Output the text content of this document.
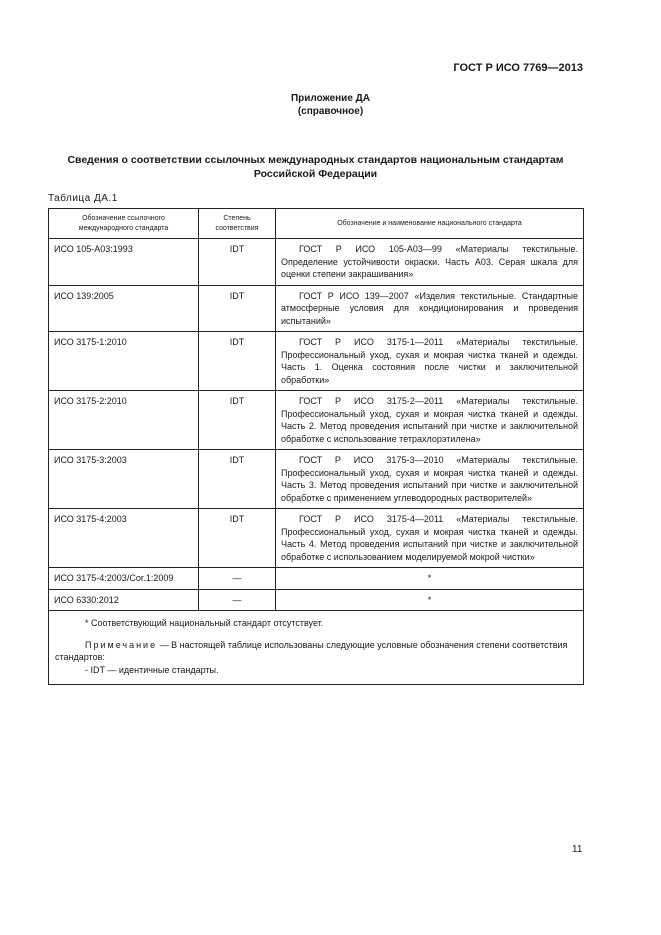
ГОСТ Р ИСО 7769—2013
Приложение ДА
(справочное)
Сведения о соответствии ссылочных международных стандартов национальным стандартам Российской Федерации
Таблица ДА.1
Обозначение ссылочного международного стандарта	Степень соответствия	Обозначение и наименование национального стандарта
ИСО 105-А03:1993	IDT	ГОСТ Р ИСО 105-А03—99 «Материалы текстильные. Определение устойчивости окраски. Часть А03. Серая шкала для оценки степени закрашивания»

ИСО 139:2005	IDT	ГОСТ Р ИСО 139—2007 «Изделия текстильные. Стандартные атмосферные условия для кондиционирования и проведения испытаний»

ИСО 3175-1:2010	IDT	ГОСТ Р ИСО 3175-1—2011 «Материалы текстильные. Профессиональный уход, сухая и мокрая чистка тканей и одежды. Часть 1. Оценка состояния после чистки и заключительной обработки»

ИСО 3175-2:2010	IDT	ГОСТ Р ИСО 3175-2—2011 «Материалы текстильные. Профессиональный уход, сухая и мокрая чистка тканей и одежды. Часть 2. Метод проведения испытаний при чистке и заключительной обработке с использование тетрахлорэтилена»

ИСО 3175-3:2003	IDT	ГОСТ Р ИСО 3175-3—2010 «Материалы текстильные. Профессиональный уход, сухая и мокрая чистка тканей и одежды. Часть 3. Метод проведения испытаний при чистке и заключительной обработке с применением углеводородных растворителей»

ИСО 3175-4:2003	IDT	ГОСТ Р ИСО 3175-4—2011 «Материалы текстильные. Профессиональный уход, сухая и мокрая чистка тканей и одежды. Часть 4. Метод проведения испытаний при чистке и заключительной обработке с использованием моделируемой мокрой чистки»

ИСО 3175-4:2003/Cor.1:2009	—	*
ИСО 6330:2012	—	*

* Соответствующий национальный стандарт отсутствует.

Примечание — В настоящей таблице использованы следующие условные обозначения степени соответствия стандартов:

- IDT — идентичные стандарты.		

11
